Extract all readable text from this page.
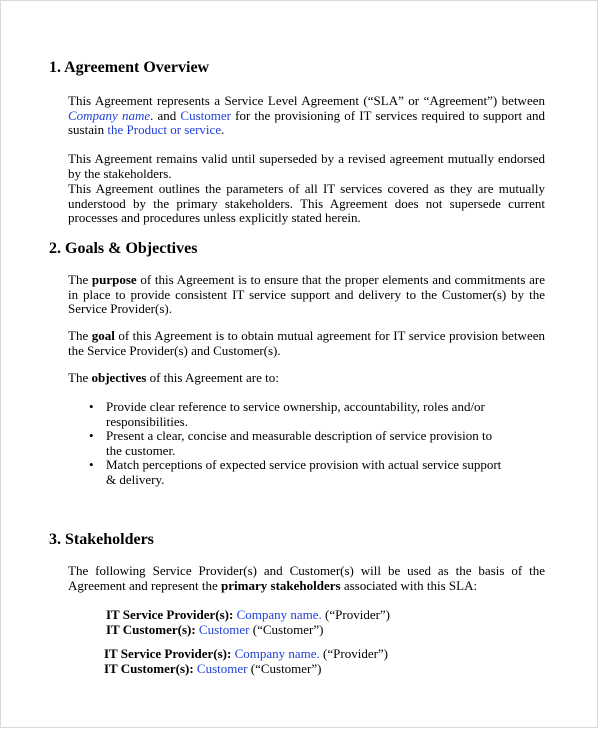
1. Agreement Overview

This Agreement represents a Service Level Agreement (“SLA” or “Agreement”) between Company name. and Customer for the provisioning of IT services required to support and sustain the Product or service.

This Agreement remains valid until superseded by a revised agreement mutually endorsed by the stakeholders.

This Agreement outlines the parameters of all IT services covered as they are mutually understood by the primary stakeholders. This Agreement does not supersede current processes and procedures unless explicitly stated herein.

2. Goals & Objectives

The purpose of this Agreement is to ensure that the proper elements and commitments are in place to provide consistent IT service support and delivery to the Customer(s) by the Service Provider(s).

The goal of this Agreement is to obtain mutual agreement for IT service provision between the Service Provider(s) and Customer(s).

The objectives of this Agreement are to:

• Provide clear reference to service ownership, accountability, roles and/or responsibilities.
• Present a clear, concise and measurable description of service provision to the customer.
• Match perceptions of expected service provision with actual service support & delivery.
3. Stakeholders

The following Service Provider(s) and Customer(s) will be used as the basis of the Agreement and represent the primary stakeholders associated with this SLA:

IT Service Provider(s): Company name. (“Provider”)
IT Customer(s): Customer (“Customer”)
IT Service Provider(s): Company name. (“Provider”)
IT Customer(s): Customer (“Customer”)
